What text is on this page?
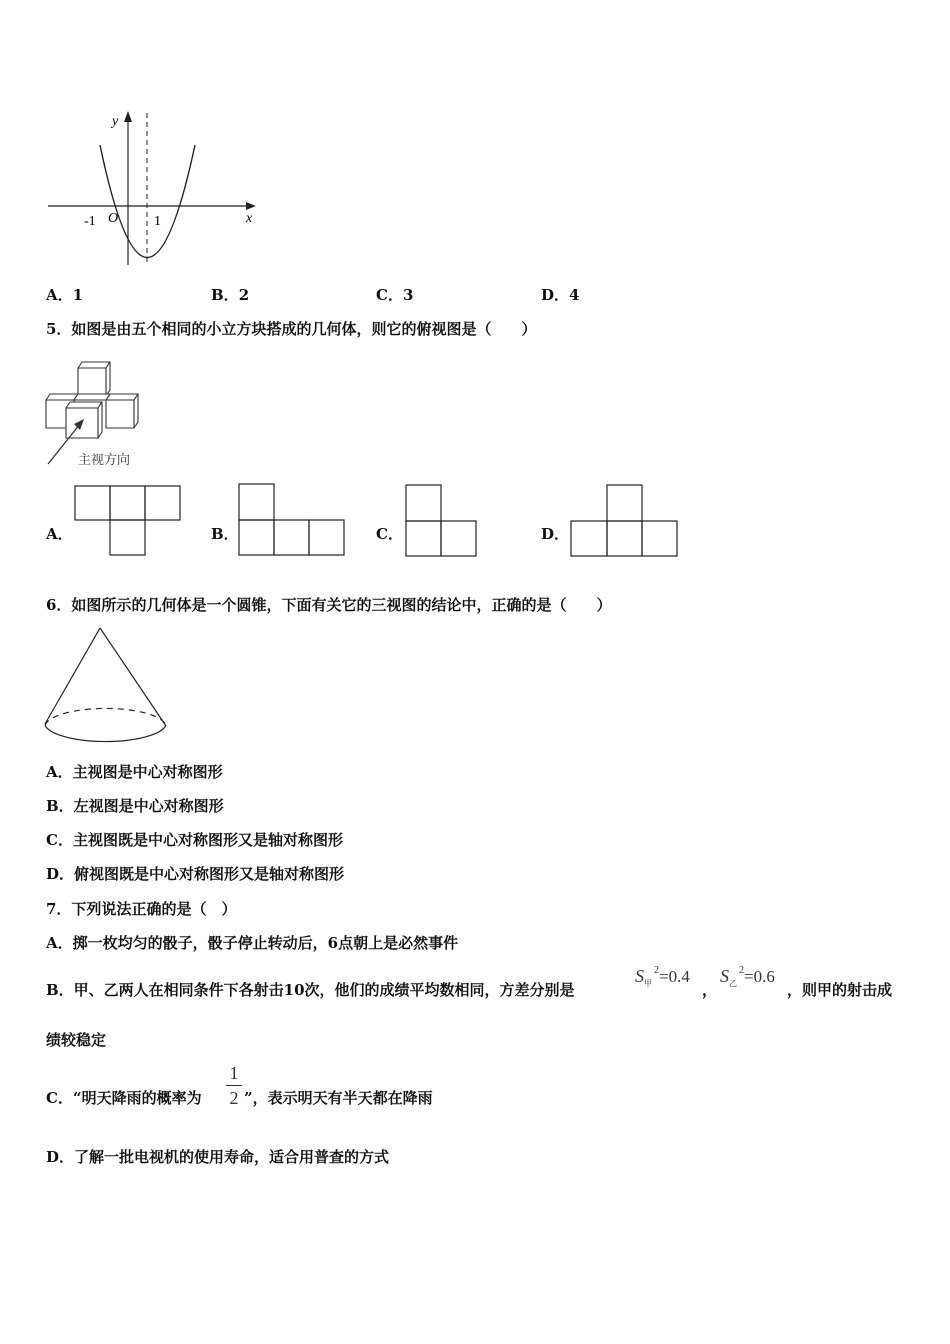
y
x
O
-1	1
A．1	B．2	C．3	D．4
5．如图是由五个相同的小立方块搭成的几何体，则它的俯视图是（　　）
主视方向
A．	B．	C．	D．
6．如图所示的几何体是一个圆锥，下面有关它的三视图的结论中，正确的是（　　）
A．主视图是中心对称图形
B．左视图是中心对称图形
C．主视图既是中心对称图形又是轴对称图形
D．俯视图既是中心对称图形又是轴对称图形
7．下列说法正确的是（　）
A．掷一枚均匀的骰子，骰子停止转动后，6点朝上是必然事件
B．甲、乙两人在相同条件下各射击10次，他们的成绩平均数相同，方差分别是
$S_甲^2=0.4$
，
$S_乙^2=0.6$
，则甲的射击成
绩较稳定
C．“明天降雨的概率为
1
2 ”，表示明天有半天都在降雨
D．了解一批电视机的使用寿命，适合用普查的方式
